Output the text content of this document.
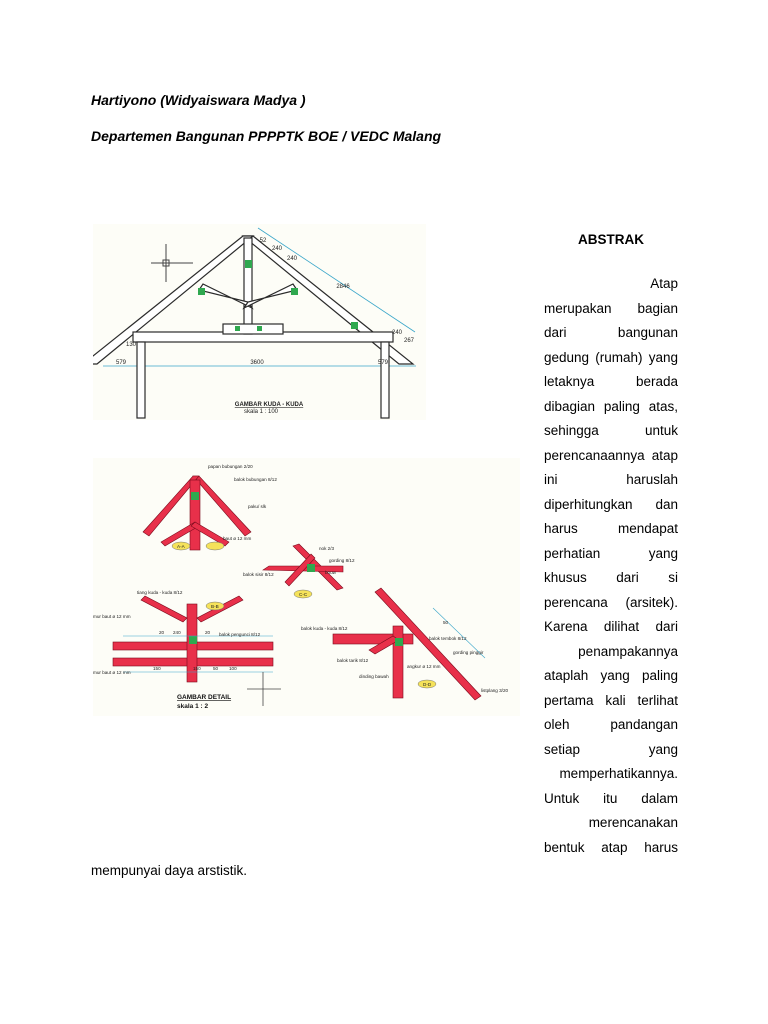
Hartiyono (Widyaiswara Madya )
Departemen Bangunan PPPPTK BOE / VEDC Malang
579	3600	579
130
52
240
240
2846
240
267
GAMBAR KUDA - KUDA
skala 1 : 100
papan bubungan 2/20
balok bubungan 8/12
paku/ slk
baut ø 12 mm
nok 2/3
gording 8/12
bouw
balok sisir 8/12
tiang kuda - kuda 8/12
mur baut ø 12 mm
balok pengunci 8/12
mur baut ø 12 mm
balok kuda - kuda 8/12
balok tembok 8/12
gording pinggir
balok tarik 8/12
angkur ø 12 mm
dinding bawah
listplang 3/20
A-A
B-B
C-C
D-D
20 240	20
150	150	50 100
50
GAMBAR DETAIL
skala 1 : 2
ABSTRAK
Atap
merupakan bagian
dari bangunan
gedung (rumah) yang
letaknya berada
dibagian paling atas,
sehingga untuk
perencanaannya atap
ini haruslah
diperhitungkan dan
harus mendapat
perhatian yang
khusus dari si
perencana (arsitek).
Karena dilihat dari
penampakannya
ataplah yang paling
pertama kali terlihat
oleh pandangan
setiap yang
memperhatikannya.
Untuk itu dalam
merencanakan
bentuk atap harus
mempunyai daya arstistik.
